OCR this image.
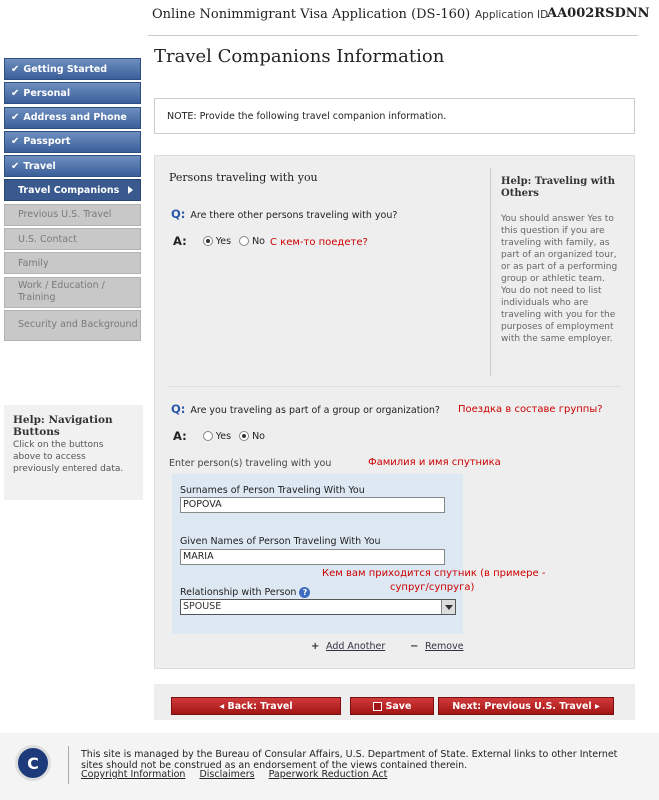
Online Nonimmigrant Visa Application (DS-160) Application ID
AA002RSDNN
Travel Companions Information
✔ Getting Started
✔ Personal
✔ Address and Phone
✔ Passport
✔ Travel
Travel Companions
Previous U.S. Travel
U.S. Contact
Family
Work / Education / Training
Security and Background
Help: Navigation Buttons
Click on the buttons above to access previously entered data.
NOTE: Provide the following travel companion information.
Persons traveling with you
Q: Are there other persons traveling with you?
A:	Yes No С кем-то поедете?
Help: Traveling with Others
You should answer Yes to this question if you are traveling with family, as part of an organized tour, or as part of a performing group or athletic team. You do not need to list individuals who are traveling with you for the purposes of employment with the same employer.
Q: Are you traveling as part of a group or organization? Поездка в составе группы?
A:	Yes No
Enter person(s) traveling with you	Фамилия и имя спутника
Surnames of Person Traveling With You
POPOVA
Given Names of Person Traveling With You
MARIA
Relationship with Person ?
SPOUSE
Кем вам приходится спутник (в примере -
супруг/супруга)
+ Add Another − Remove
◂ Back: Travel	Save	Next: Previous U.S. Travel ▸
C	This site is managed by the Bureau of Consular Affairs, U.S. Department of State. External links to other Internet sites should not be construed as an endorsement of the views contained therein.
Copyright Information Disclaimers Paperwork Reduction Act
